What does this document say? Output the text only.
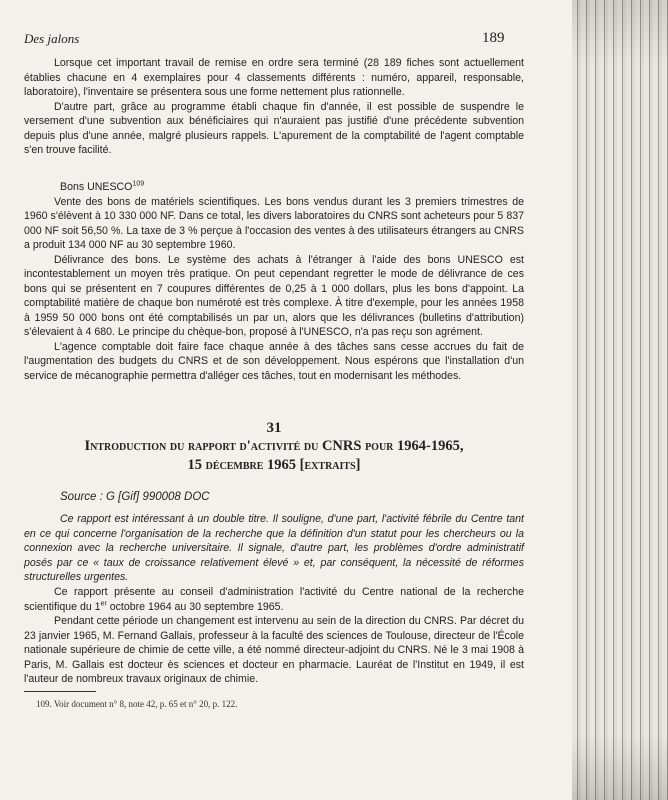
Des jalons	189

Lorsque cet important travail de remise en ordre sera terminé (28 189 fiches sont actuellement établies chacune en 4 exemplaires pour 4 classements différents : numéro, appareil, responsable, laboratoire), l'inventaire se présentera sous une forme nettement plus rationnelle.

D'autre part, grâce au programme établi chaque fin d'année, il est possible de suspendre le versement d'une subvention aux bénéficiaires qui n'auraient pas justifié d'une précédente subvention depuis plus d'une année, malgré plusieurs rappels. L'apurement de la comptabilité de l'agent comptable s'en trouve facilité.

Bons UNESCO$^{109}$

Vente des bons de matériels scientifiques. Les bons vendus durant les 3 premiers trimestres de 1960 s'élèvent à 10 330 000 NF. Dans ce total, les divers laboratoires du CNRS sont acheteurs pour 5 837 000 NF soit 56,50 %. La taxe de 3 % perçue à l'occasion des ventes à des utilisateurs étrangers au CNRS a produit 134 000 NF au 30 septembre 1960.

Délivrance des bons. Le système des achats à l'étranger à l'aide des bons UNESCO est incontestablement un moyen très pratique. On peut cependant regretter le mode de délivrance de ces bons qui se présentent en 7 coupures différentes de 0,25 à 1 000 dollars, plus les bons d'appoint. La comptabilité matière de chaque bon numéroté est très complexe. À titre d'exemple, pour les années 1958 à 1959 50 000 bons ont été comptabilisés un par un, alors que les délivrances (bulletins d'attribution) s'élevaient à 4 680. Le principe du chèque-bon, proposé à l'UNESCO, n'a pas reçu son agrément.

L'agence comptable doit faire face chaque année à des tâches sans cesse accrues du fait de l'augmentation des budgets du CNRS et de son développement. Nous espérons que l'installation d'un service de mécanographie permettra d'alléger ces tâches, tout en modernisant les méthodes.

31
Introduction du rapport d'activité du CNRS pour 1964-1965,
15 décembre 1965 [extraits]
Source : G [Gif] 990008 DOC

Ce rapport est intéressant à un double titre. Il souligne, d'une part, l'activité fébrile du Centre tant en ce qui concerne l'organisation de la recherche que la définition d'un statut pour les chercheurs ou la connexion avec la recherche universitaire. Il signale, d'autre part, les problèmes d'ordre administratif posés par ce « taux de croissance relativement élevé » et, par conséquent, la nécessité de réformes structurelles urgentes.

Ce rapport présente au conseil d'administration l'activité du Centre national de la recherche scientifique du 1er octobre 1964 au 30 septembre 1965.

Pendant cette période un changement est intervenu au sein de la direction du CNRS. Par décret du 23 janvier 1965, M. Fernand Gallais, professeur à la faculté des sciences de Toulouse, directeur de l'École nationale supérieure de chimie de cette ville, a été nommé directeur-adjoint du CNRS. Né le 3 mai 1908 à Paris, M. Gallais est docteur ès sciences et docteur en pharmacie. Lauréat de l'Institut en 1949, il est l'auteur de nombreux travaux originaux de chimie.

109. Voir document n° 8, note 42, p. 65 et n° 20, p. 122.
